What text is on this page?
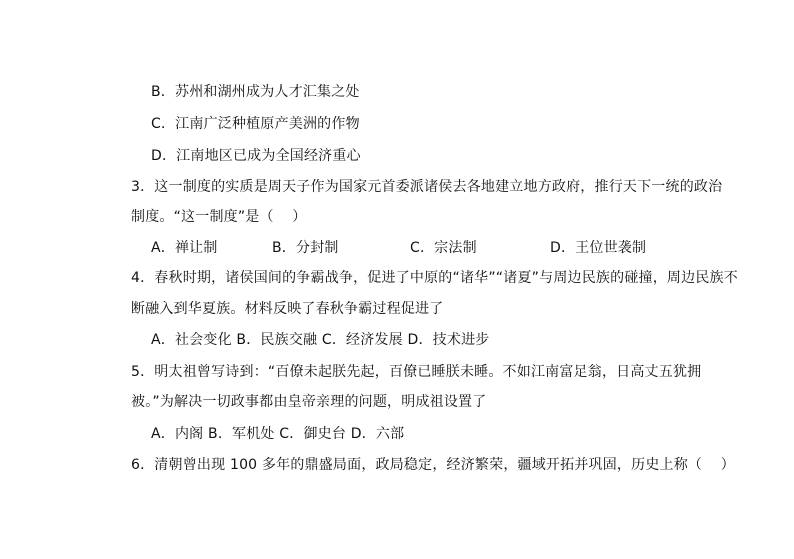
B．苏州和湖州成为人才汇集之处
C．江南广泛种植原产美洲的作物
D．江南地区已成为全国经济重心
3．这一制度的实质是周天子作为国家元首委派诸侯去各地建立地方政府，推行天下一统的政治
制度。“这一制度”是（    ）
A．禅让制	B．分封制	C．宗法制	D．王位世袭制
4．春秋时期，诸侯国间的争霸战争，促进了中原的“诸华”“诸夏”与周边民族的碰撞，周边民族不
断融入到华夏族。材料反映了春秋争霸过程促进了
A．社会变化 B．民族交融 C．经济发展 D．技术进步
5．明太祖曾写诗到：“百僚未起朕先起，百僚已睡朕未睡。不如江南富足翁，日高丈五犹拥
被。”为解决一切政事都由皇帝亲理的问题，明成祖设置了
A．内阁 B．军机处 C．御史台 D．六部
6．清朝曾出现 100 多年的鼎盛局面，政局稳定，经济繁荣，疆域开拓并巩固，历史上称（    ）
